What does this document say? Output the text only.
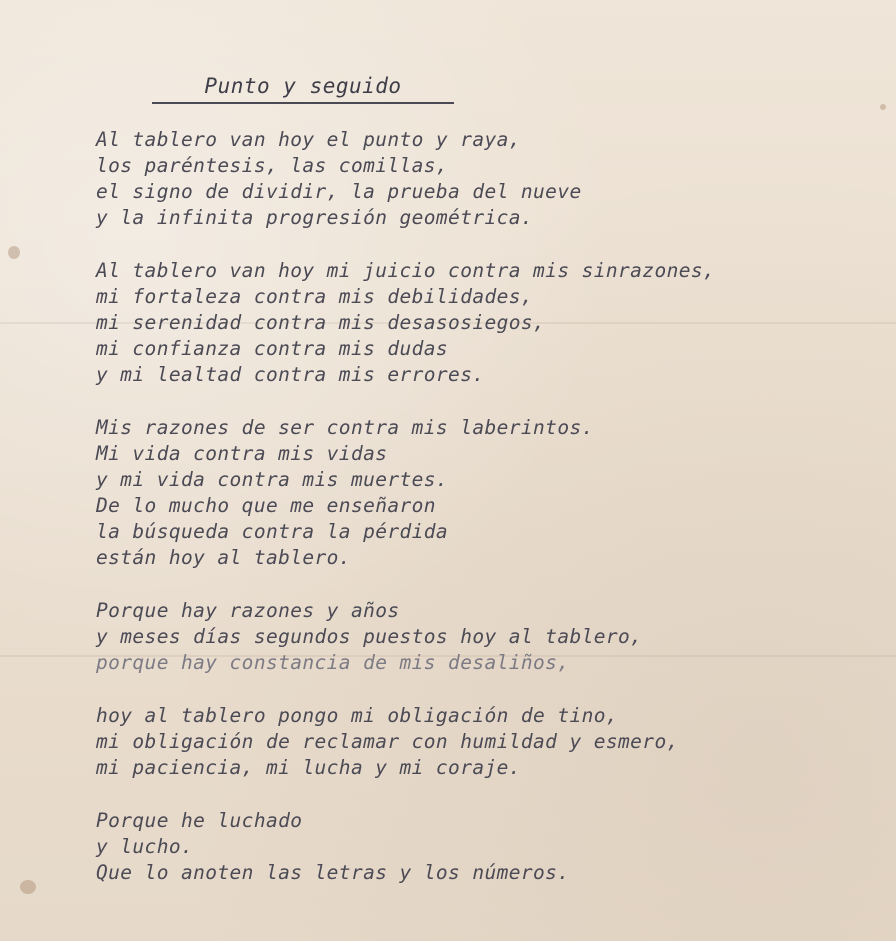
Punto y seguido
Al tablero van hoy el punto y raya,
los paréntesis, las comillas,
el signo de dividir, la prueba del nueve
y la infinita progresión geométrica.
Al tablero van hoy mi juicio contra mis sinrazones,
mi fortaleza contra mis debilidades,
mi serenidad contra mis desasosiegos,
mi confianza contra mis dudas
y mi lealtad contra mis errores.
Mis razones de ser contra mis laberintos.
Mi vida contra mis vidas
y mi vida contra mis muertes.
De lo mucho que me enseñaron
la búsqueda contra la pérdida
están hoy al tablero.
Porque hay razones y años
y meses días segundos puestos hoy al tablero,
porque hay constancia de mis desaliños,
hoy al tablero pongo mi obligación de tino,
mi obligación de reclamar con humildad y esmero,
mi paciencia, mi lucha y mi coraje.
Porque he luchado
y lucho.
Que lo anoten las letras y los números.
